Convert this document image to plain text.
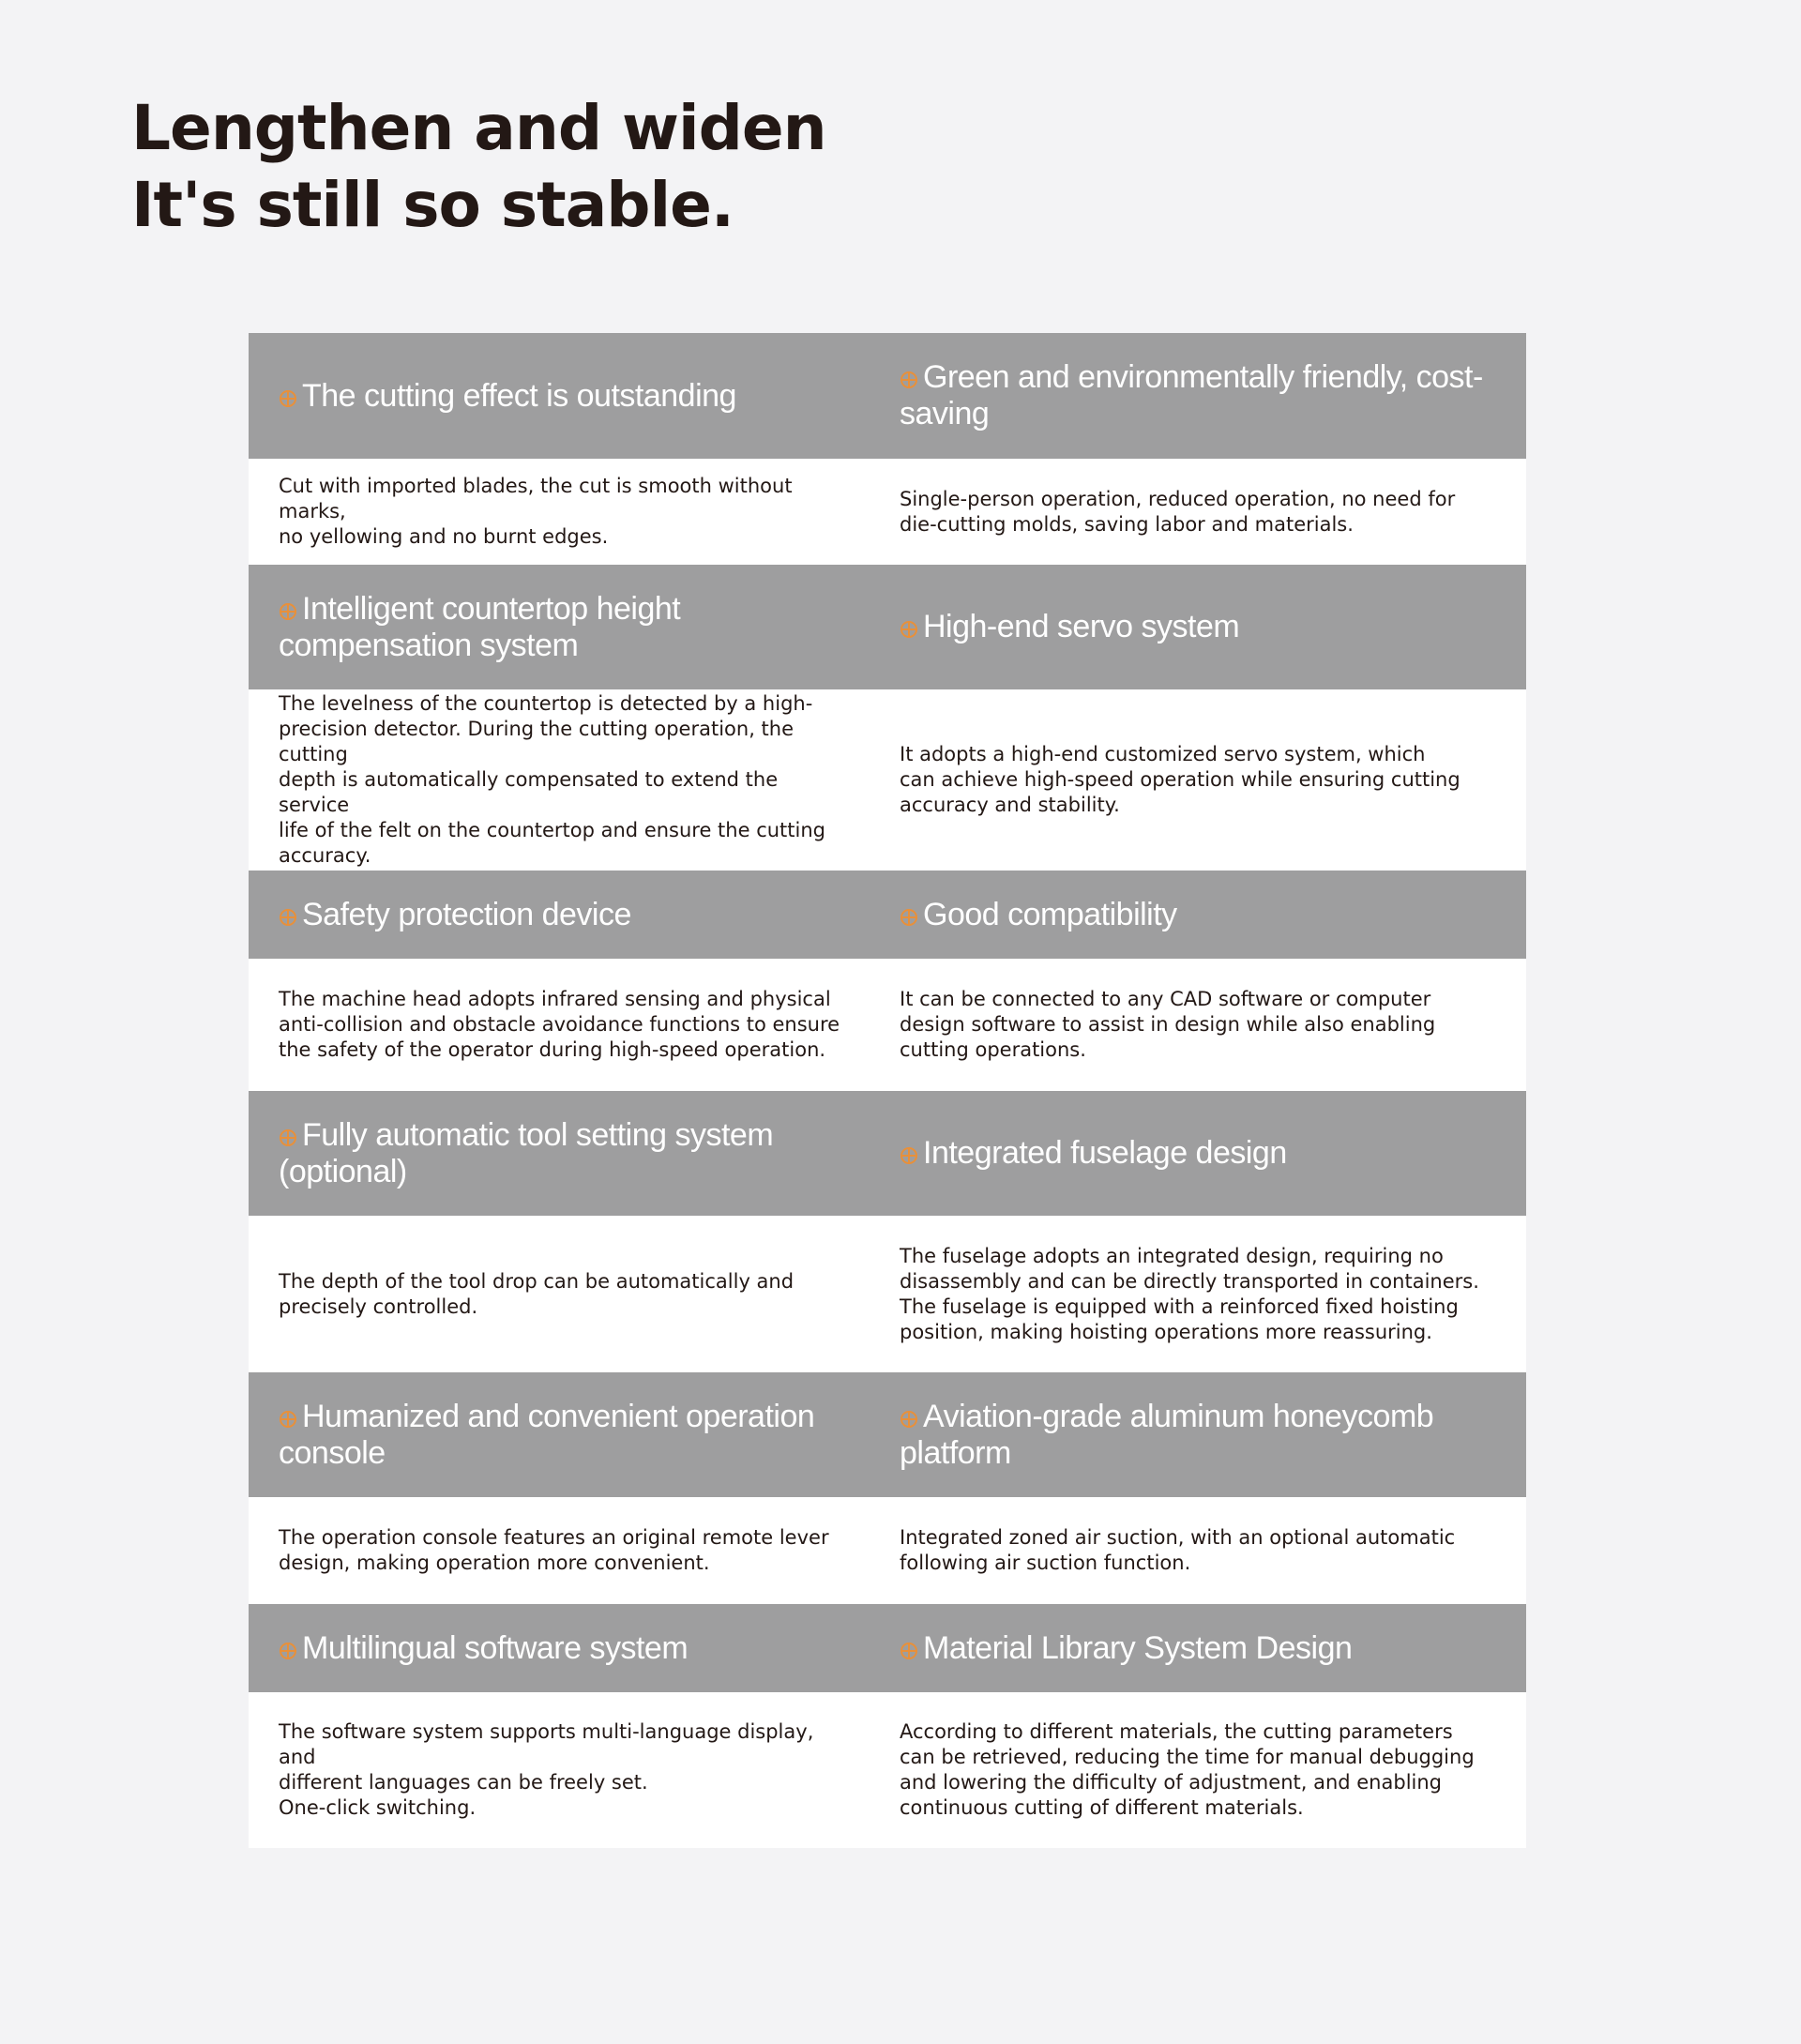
Lengthen and widen
It's still so stable.
The cutting effect is outstanding
Green and environmentally friendly, cost-saving

Cut with imported blades, the cut is smooth without marks,
no yellowing and no burnt edges.

Single-person operation, reduced operation, no need for
die-cutting molds, saving labor and materials.

Intelligent countertop height compensation system
High-end servo system

The levelness of the countertop is detected by a high-
precision detector. During the cutting operation, the cutting
depth is automatically compensated to extend the service
life of the felt on the countertop and ensure the cutting
accuracy.

It adopts a high-end customized servo system, which
can achieve high-speed operation while ensuring cutting
accuracy and stability.

Safety protection device	Good compatibility

The machine head adopts infrared sensing and physical
anti-collision and obstacle avoidance functions to ensure
the safety of the operator during high-speed operation.

It can be connected to any CAD software or computer
design software to assist in design while also enabling
cutting operations.

Fully automatic tool setting system (optional)
Integrated fuselage design

The depth of the tool drop can be automatically and
precisely controlled.

The fuselage adopts an integrated design, requiring no
disassembly and can be directly transported in containers.
The fuselage is equipped with a reinforced fixed hoisting
position, making hoisting operations more reassuring.

Humanized and convenient operation console
Aviation-grade aluminum honeycomb platform

The operation console features an original remote lever
design, making operation more convenient.

Integrated zoned air suction, with an optional automatic
following air suction function.

Multilingual software system	Material Library System Design

The software system supports multi-language display, and
different languages can be freely set.
One-click switching.

According to different materials, the cutting parameters
can be retrieved, reducing the time for manual debugging
and lowering the difficulty of adjustment, and enabling
continuous cutting of different materials.
